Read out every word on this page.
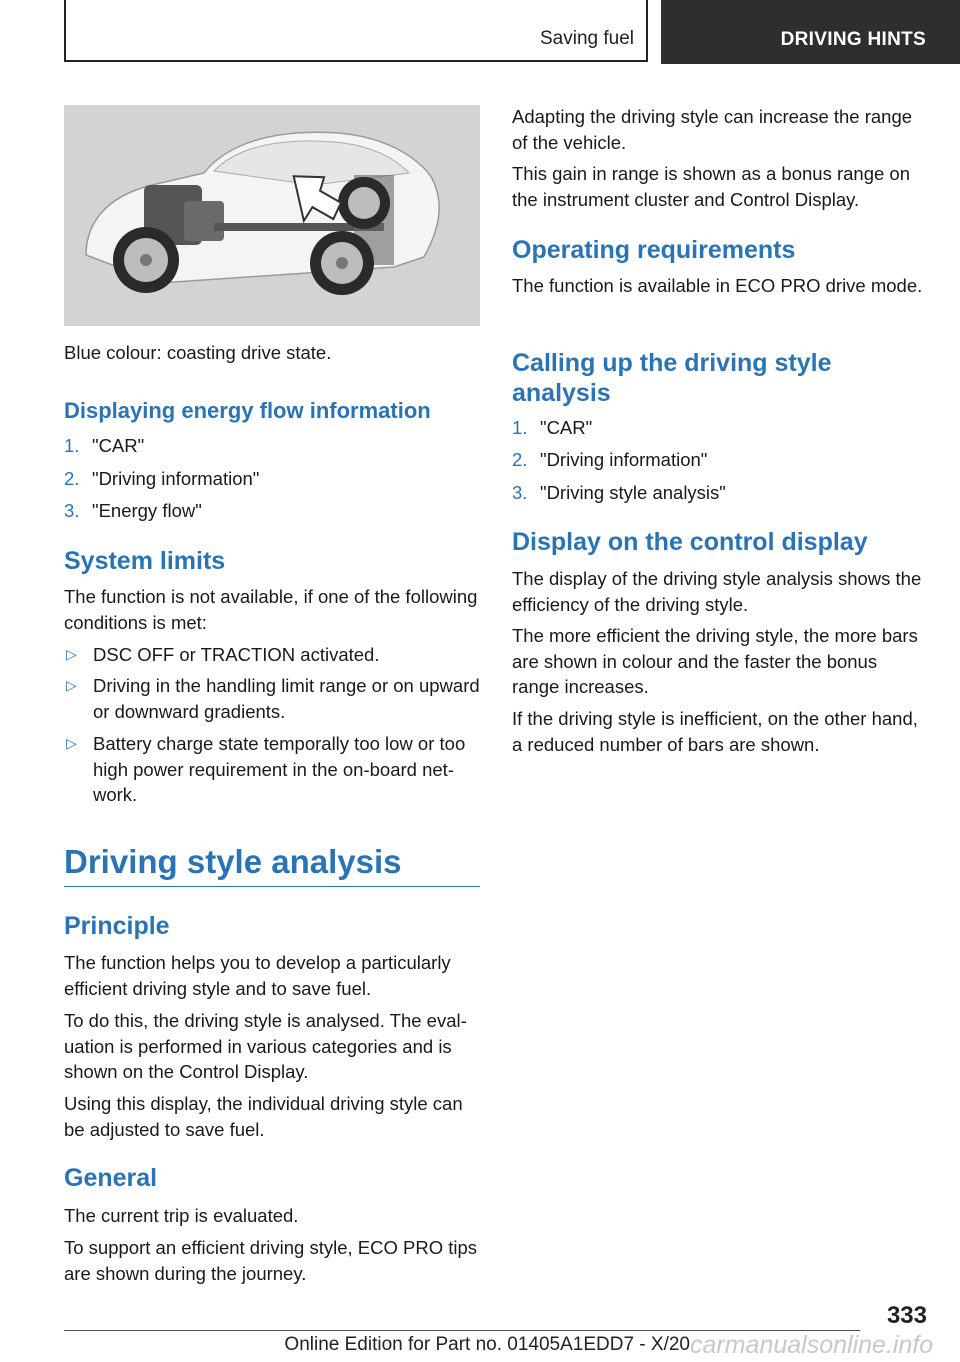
Saving fuel	DRIVING HINTS

Blue colour: coasting drive state.

Displaying energy flow information
1. "CAR"
2. "Driving information"
3. "Energy flow"
System limits

The function is not available, if one of the following conditions is met:

▷ DSC OFF or TRACTION activated.
▷ Driving in the handling limit range or on upward or downward gradients.
▷ Battery charge state temporally too low or too high power requirement in the on-board network.
Driving style analysis
Principle

The function helps you to develop a particularly efficient driving style and to save fuel.

To do this, the driving style is analysed. The evaluation is performed in various categories and is shown on the Control Display.

Using this display, the individual driving style can be adjusted to save fuel.

General

The current trip is evaluated.

To support an efficient driving style, ECO PRO tips are shown during the journey.

Adapting the driving style can increase the range of the vehicle.

This gain in range is shown as a bonus range on the instrument cluster and Control Display.

Operating requirements

The function is available in ECO PRO drive mode.

Calling up the driving style
analysis
1. "CAR"
2. "Driving information"
3. "Driving style analysis"
Display on the control display

The display of the driving style analysis shows the efficiency of the driving style.

The more efficient the driving style, the more bars are shown in colour and the faster the bonus range increases.

If the driving style is inefficient, on the other hand, a reduced number of bars are shown.

333
Online Edition for Part no. 01405A1EDD7 - X/20 carmanualsonline.info
